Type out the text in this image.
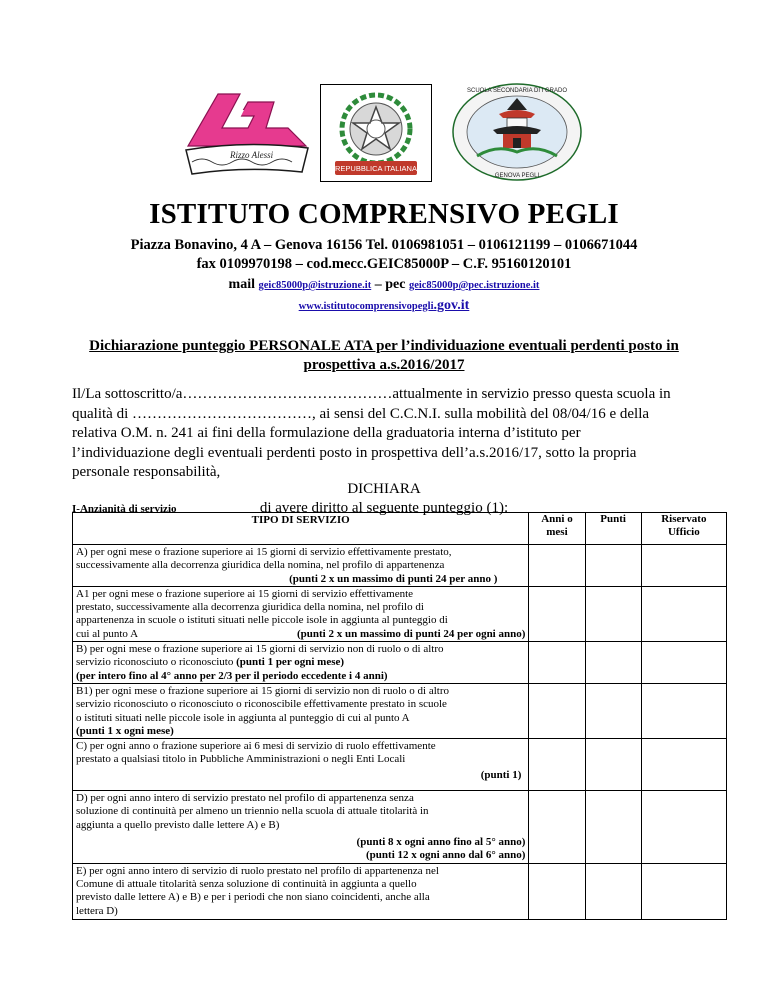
Rizzo Alessi
REPUBBLICA ITALIANA
SCUOLA SECONDARIA DI I GRADO
GENOVA PEGLI
ISTITUTO COMPRENSIVO PEGLI
Piazza Bonavino, 4 A – Genova 16156 Tel. 0106981051 – 0106121199 – 0106671044
fax 0109970198 – cod.mecc.GEIC85000P – C.F. 95160120101
mail geic85000p@istruzione.it – pec geic85000p@pec.istruzione.it
www.istitutocomprensivopegli.gov.it
Dichiarazione punteggio PERSONALE ATA per l’individuazione eventuali perdenti posto in
prospettiva a.s.2016/2017
Il/La sottoscritto/a……………………………………attualmente in servizio presso questa scuola in
qualità di ………………………………, ai sensi del C.C.N.I. sulla mobilità del 08/04/16 e della
relativa O.M. n. 241 ai fini della formulazione della graduatoria interna d’istituto per
l’individuazione degli eventuali perdenti posto in prospettiva dell’a.s.2016/17, sotto la propria
personale responsabilità,
DICHIARA
di avere diritto al seguente punteggio (1):
I-Anzianità di servizio
TIPO DI SERVIZIO	Anni o
mesi	Punti	Riservato
Ufficio

A) per ogni mese o frazione superiore ai 15 giorni di servizio effettivamente prestato,
successivamente alla decorrenza giuridica della nomina, nel profilo di appartenenza
(punti 2 x un massimo di punti 24 per anno )			

A1 per ogni mese o frazione superiore ai 15 giorni di servizio effettivamente
prestato, successivamente alla decorrenza giuridica della nomina, nel profilo di
appartenenza in scuole o istituti situati nelle piccole isole in aggiunta al punteggio di
cui al punto A (punti 2 x un massimo di punti 24 per ogni anno)			

B) per ogni mese o frazione superiore ai 15 giorni di servizio non di ruolo o di altro
servizio riconosciuto o riconosciuto (punti 1 per ogni mese)
(per intero fino al 4° anno per 2/3 per il periodo eccedente i 4 anni)			

B1) per ogni mese o frazione superiore ai 15 giorni di servizio non di ruolo o di altro
servizio riconosciuto o riconosciuto o riconoscibile effettivamente prestato in scuole
o istituti situati nelle piccole isole in aggiunta al punteggio di cui al punto A
(punti 1 x ogni mese)			

C) per ogni anno o frazione superiore ai 6 mesi di servizio di ruolo effettivamente
prestato a qualsiasi titolo in Pubbliche Amministrazioni o negli Enti Locali
(punti 1)			

D) per ogni anno intero di servizio prestato nel profilo di appartenenza senza
soluzione di continuità per almeno un triennio nella scuola di attuale titolarità in
aggiunta a quello previsto dalle lettere A) e B)
(punti 8 x ogni anno fino al 5° anno)
(punti 12 x ogni anno dal 6° anno)			

E) per ogni anno intero di servizio di ruolo prestato nel profilo di appartenenza nel
Comune di attuale titolarità senza soluzione di continuità in aggiunta a quello
previsto dalle lettere A) e B) e per i periodi che non siano coincidenti, anche alla
lettera D)			
